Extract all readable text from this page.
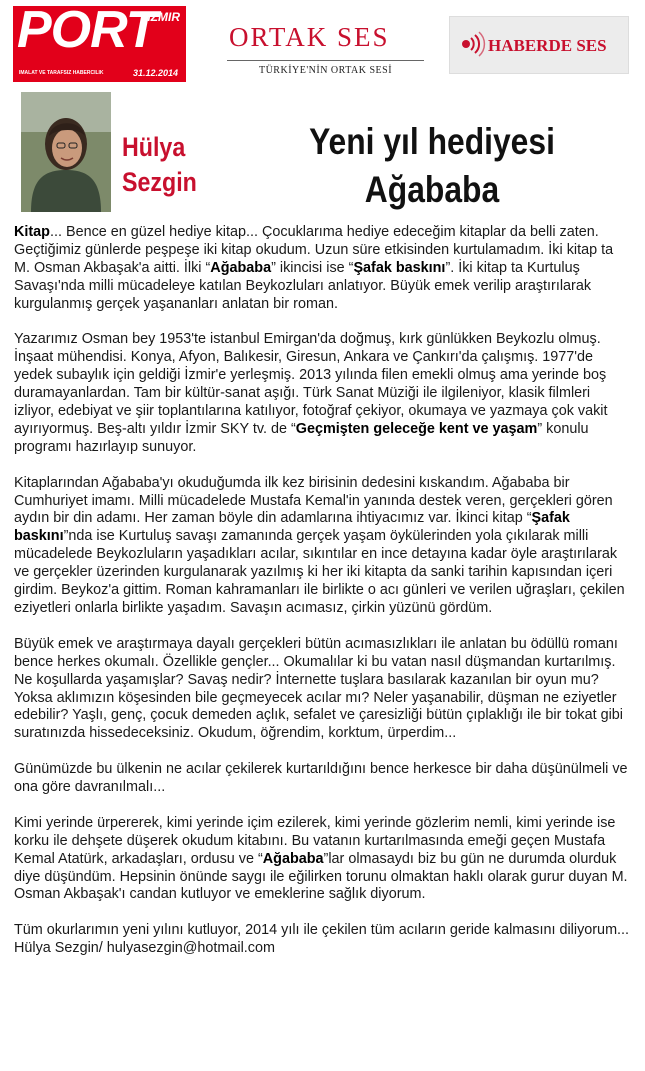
PORT
IZMIR
IMALAT VE TARAFSIZ HABERCILIK	31.12.2014
ORTAK SES
TÜRKİYE'NİN ORTAK SESİ
HABERDE SES
Hülya
Sezgin
Yeni yıl hediyesi
Ağababa

Kitap... Bence en güzel hediye kitap... Çocuklarıma hediye edeceğim kitaplar da belli zaten. Geçtiğimiz günlerde peşpeşe iki kitap okudum. Uzun süre etkisinden kurtulamadım. İki kitap ta M. Osman Akbaşak'a aitti. İlki “Ağababa” ikincisi ise “Şafak baskını”. İki kitap ta Kurtuluş Savaşı'nda milli mücadeleye katılan Beykozluları anlatıyor. Büyük emek verilip araştırılarak kurgulanmış gerçek yaşananları anlatan bir roman.

Yazarımız Osman bey 1953'te istanbul Emirgan'da doğmuş, kırk günlükken Beykozlu olmuş. İnşaat mühendisi. Konya, Afyon, Balıkesir, Giresun, Ankara ve Çankırı'da çalışmış. 1977'de yedek subaylık için geldiği İzmir'e yerleşmiş. 2013 yılında filen emekli olmuş ama yerinde boş duramayanlardan. Tam bir kültür-sanat aşığı. Türk Sanat Müziği ile ilgileniyor, klasik filmleri izliyor, edebiyat ve şiir toplantılarına katılıyor, fotoğraf çekiyor, okumaya ve yazmaya çok vakit ayırıyormuş. Beş-altı yıldır İzmir SKY tv. de “Geçmişten geleceğe kent ve yaşam” konulu programı hazırlayıp sunuyor.

Kitaplarından Ağababa'yı okuduğumda ilk kez birisinin dedesini kıskandım. Ağababa bir Cumhuriyet imamı. Milli mücadelede Mustafa Kemal'in yanında destek veren, gerçekleri gören aydın bir din adamı. Her zaman böyle din adamlarına ihtiyacımız var. İkinci kitap “Şafak baskını”nda ise Kurtuluş savaşı zamanında gerçek yaşam öykülerinden yola çıkılarak milli mücadelede Beykozluların yaşadıkları acılar, sıkıntılar en ince detayına kadar öyle araştırılarak ve gerçekler üzerinden kurgulanarak yazılmış ki her iki kitapta da sanki tarihin kapısından içeri girdim. Beykoz'a gittim. Roman kahramanları ile birlikte o acı günleri ve verilen uğraşları, çekilen eziyetleri onlarla birlikte yaşadım. Savaşın acımasız, çirkin yüzünü gördüm.

Büyük emek ve araştırmaya dayalı gerçekleri bütün acımasızlıkları ile anlatan bu ödüllü romanı bence herkes okumalı. Özellikle gençler... Okumalılar ki bu vatan nasıl düşmandan kurtarılmış. Ne koşullarda yaşamışlar? Savaş nedir? İnternette tuşlara basılarak kazanılan bir oyun mu? Yoksa aklımızın köşesinden bile geçmeyecek acılar mı? Neler yaşanabilir, düşman ne eziyetler edebilir? Yaşlı, genç, çocuk demeden açlık, sefalet ve çaresizliği bütün çıplaklığı ile bir tokat gibi suratınızda hissedeceksiniz. Okudum, öğrendim, korktum, ürperdim...

Günümüzde bu ülkenin ne acılar çekilerek kurtarıldığını bence herkesce bir daha düşünülmeli ve ona göre davranılmalı...

Kimi yerinde ürpererek, kimi yerinde içim ezilerek, kimi yerinde gözlerim nemli, kimi yerinde ise korku ile dehşete düşerek okudum kitabını. Bu vatanın kurtarılmasında emeği geçen Mustafa Kemal Atatürk, arkadaşları, ordusu ve “Ağababa”lar olmasaydı biz bu gün ne durumda olurduk diye düşündüm. Hepsinin önünde saygı ile eğilirken torunu olmaktan haklı olarak gurur duyan M. Osman Akbaşak'ı candan kutluyor ve emeklerine sağlık diyorum.

Tüm okurlarımın yeni yılını kutluyor, 2014 yılı ile çekilen tüm acıların geride kalmasını diliyorum...
Hülya Sezgin/ hulyasezgin@hotmail.com
